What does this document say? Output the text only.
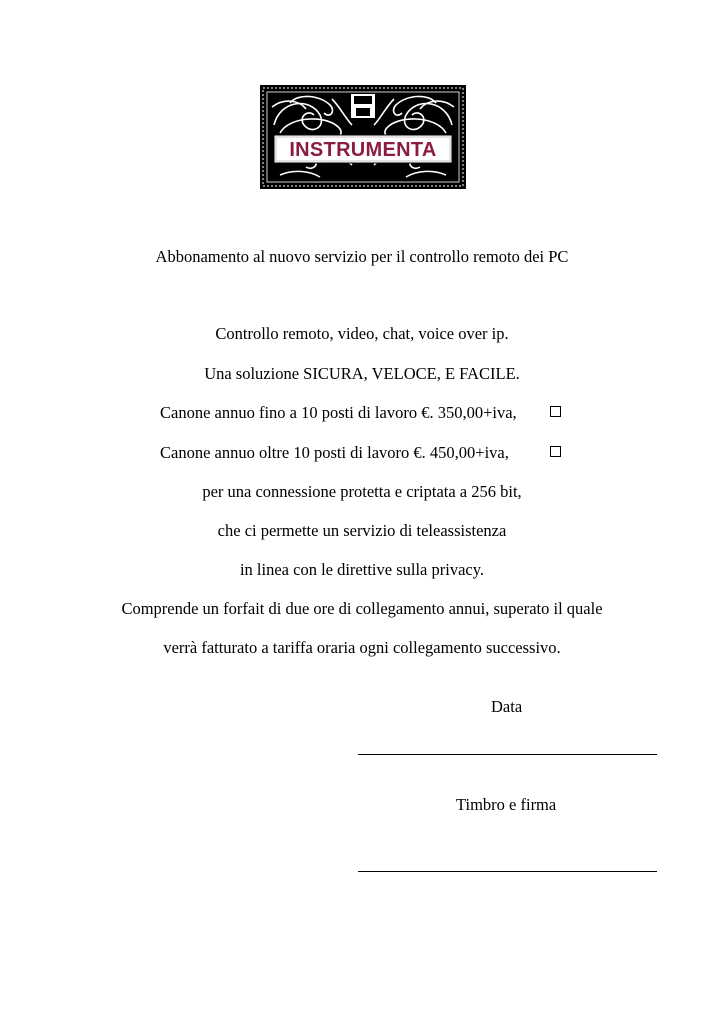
INSTRUMENTA
Abbonamento al nuovo servizio per il controllo remoto dei PC
Controllo remoto, video, chat, voice over ip.
Una soluzione SICURA, VELOCE, E FACILE.
Canone annuo fino a 10 posti di lavoro €. 350,00+iva,
Canone annuo oltre 10 posti di lavoro €. 450,00+iva,
per una connessione protetta e criptata a 256 bit,
che ci permette un servizio di teleassistenza
in linea con le direttive sulla privacy.
Comprende un forfait di due ore di collegamento annui, superato il quale
verrà fatturato a tariffa oraria ogni collegamento successivo.
Data
Timbro e firma
